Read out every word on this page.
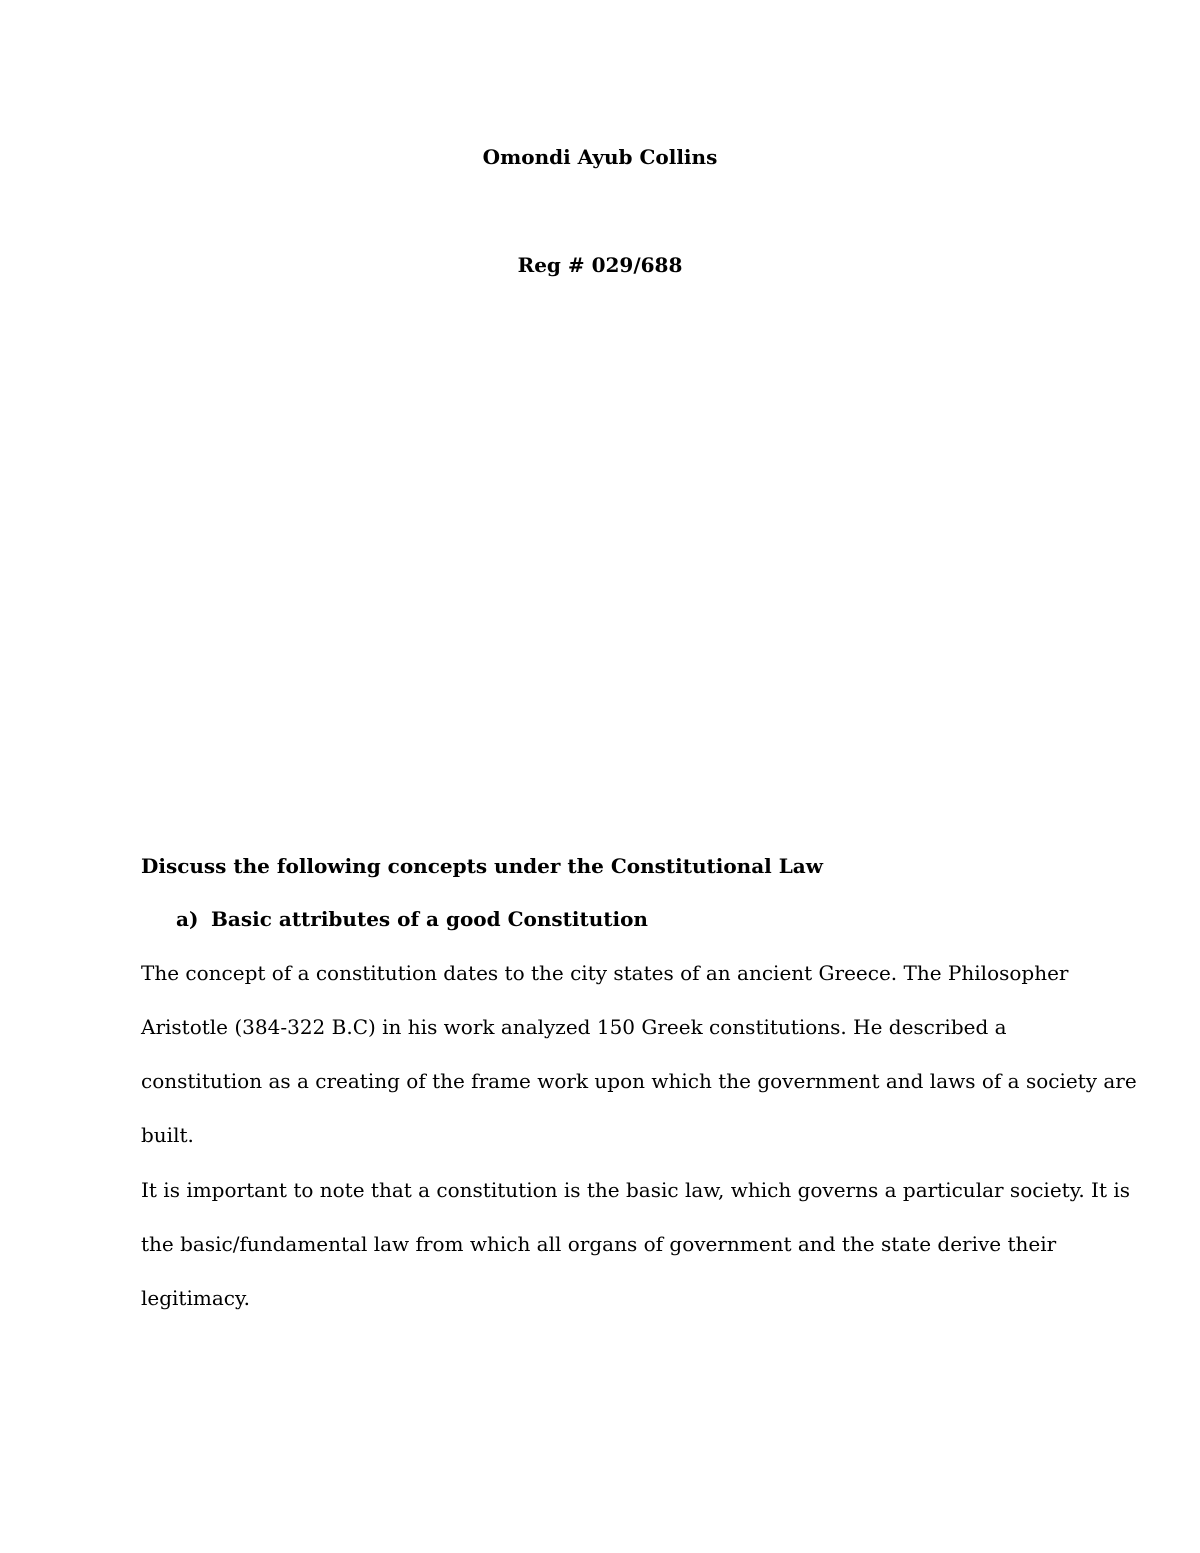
Omondi Ayub Collins
Reg # 029/688
Discuss the following concepts under the Constitutional Law
a) Basic attributes of a good Constitution
The concept of a constitution dates to the city states of an ancient Greece. The Philosopher
Aristotle (384-322 B.C) in his work analyzed 150 Greek constitutions. He described a
constitution as a creating of the frame work upon which the government and laws of a society are
built.
It is important to note that a constitution is the basic law, which governs a particular society. It is
the basic/fundamental law from which all organs of government and the state derive their
legitimacy.
